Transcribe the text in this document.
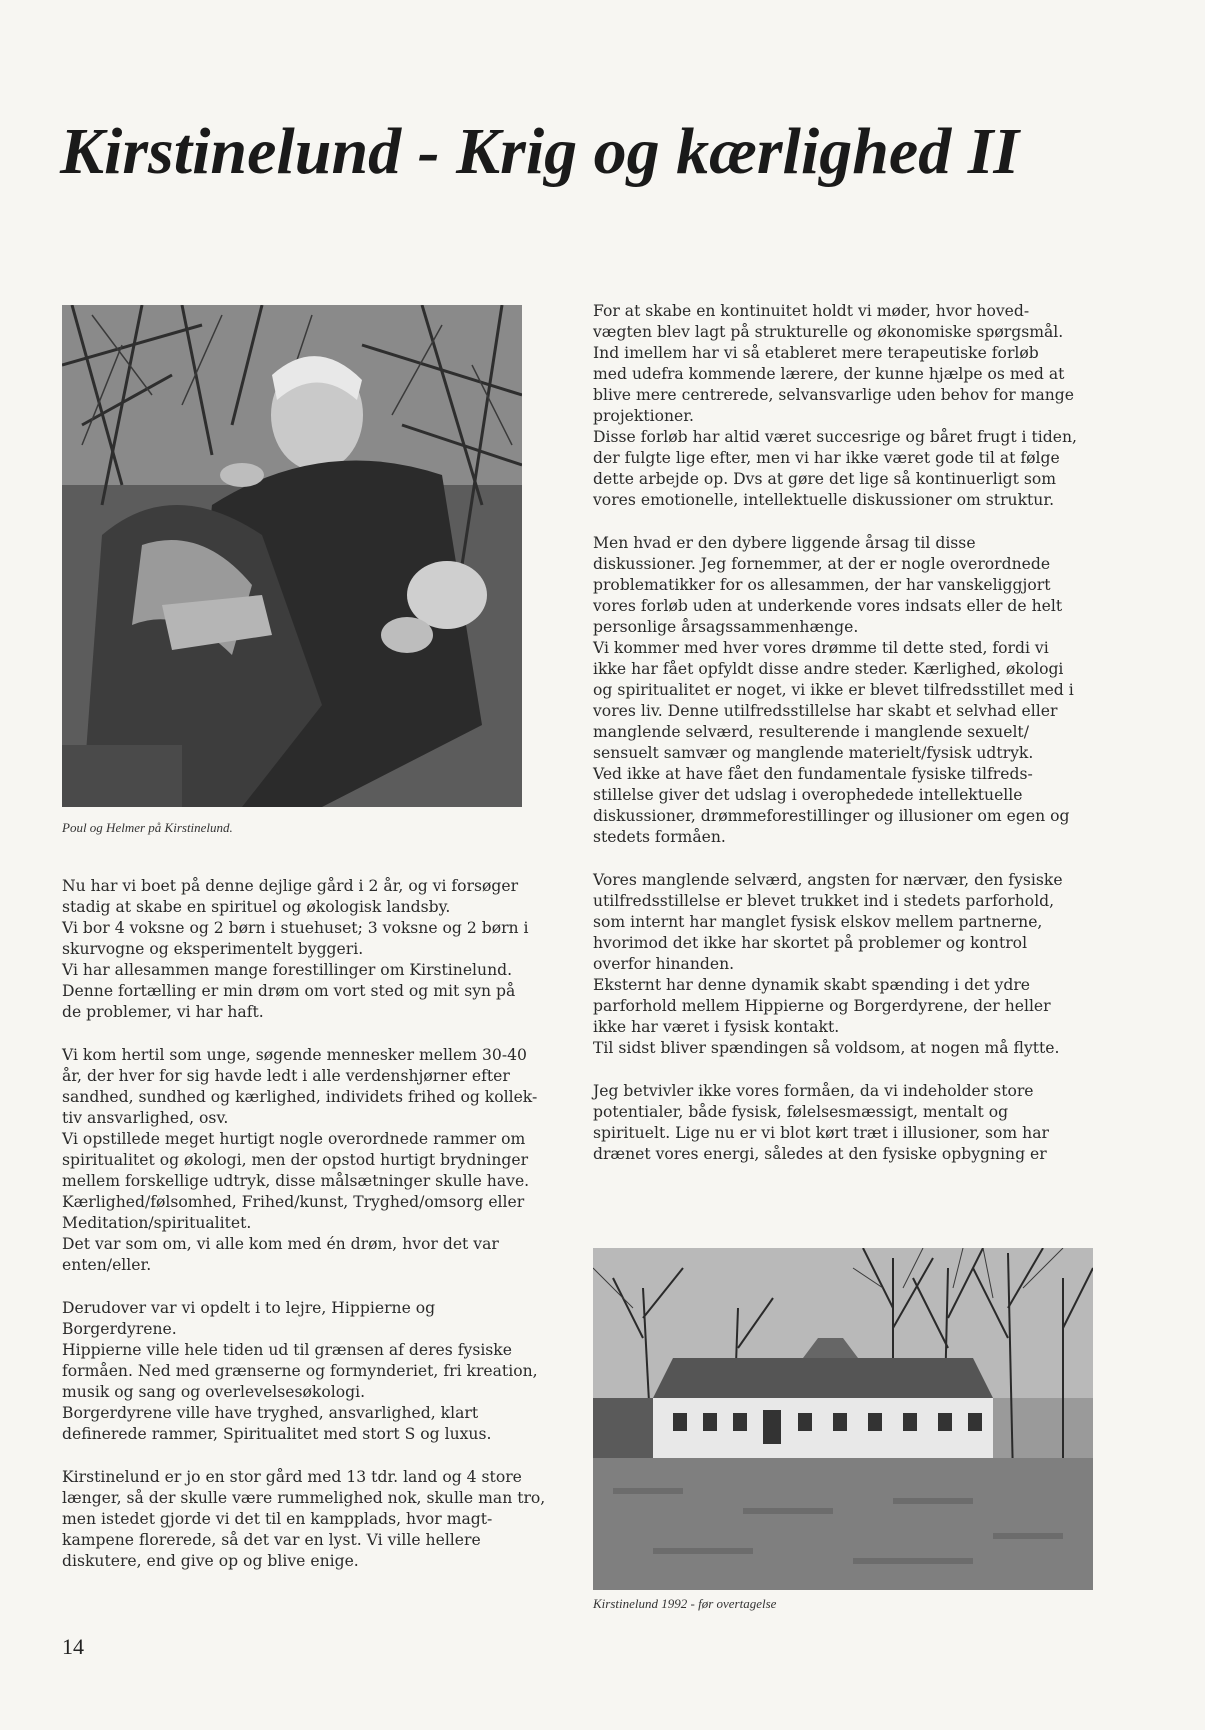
Kirstinelund - Krig og kærlighed II
Poul og Helmer på Kirstinelund.

Nu har vi boet på denne dejlige gård i 2 år, og vi forsøger
stadig at skabe en spirituel og økologisk landsby.
Vi bor 4 voksne og 2 børn i stuehuset; 3 voksne og 2 børn i
skurvogne og eksperimentelt byggeri.
Vi har allesammen mange forestillinger om Kirstinelund.
Denne fortælling er min drøm om vort sted og mit syn på
de problemer, vi har haft.

Vi kom hertil som unge, søgende mennesker mellem 30-40
år, der hver for sig havde ledt i alle verdenshjørner efter
sandhed, sundhed og kærlighed, individets frihed og kollek-
tiv ansvarlighed, osv.
Vi opstillede meget hurtigt nogle overordnede rammer om
spiritualitet og økologi, men der opstod hurtigt brydninger
mellem forskellige udtryk, disse målsætninger skulle have.
Kærlighed/følsomhed, Frihed/kunst, Tryghed/omsorg eller
Meditation/spiritualitet.
Det var som om, vi alle kom med én drøm, hvor det var
enten/eller.

Derudover var vi opdelt i to lejre, Hippierne og
Borgerdyrene.
Hippierne ville hele tiden ud til grænsen af deres fysiske
formåen. Ned med grænserne og formynderiet, fri kreation,
musik og sang og overlevelsesøkologi.
Borgerdyrene ville have tryghed, ansvarlighed, klart
definerede rammer, Spiritualitet med stort S og luxus.

Kirstinelund er jo en stor gård med 13 tdr. land og 4 store
længer, så der skulle være rummelighed nok, skulle man tro,
men istedet gjorde vi det til en kampplads, hvor magt-
kampene florerede, så det var en lyst. Vi ville hellere
diskutere, end give op og blive enige.

For at skabe en kontinuitet holdt vi møder, hvor hoved-
vægten blev lagt på strukturelle og økonomiske spørgsmål.
Ind imellem har vi så etableret mere terapeutiske forløb
med udefra kommende lærere, der kunne hjælpe os med at
blive mere centrerede, selvansvarlige uden behov for mange
projektioner.
Disse forløb har altid været succesrige og båret frugt i tiden,
der fulgte lige efter, men vi har ikke været gode til at følge
dette arbejde op. Dvs at gøre det lige så kontinuerligt som
vores emotionelle, intellektuelle diskussioner om struktur.

Men hvad er den dybere liggende årsag til disse
diskussioner. Jeg fornemmer, at der er nogle overordnede
problematikker for os allesammen, der har vanskeliggjort
vores forløb uden at underkende vores indsats eller de helt
personlige årsagssammenhænge.
Vi kommer med hver vores drømme til dette sted, fordi vi
ikke har fået opfyldt disse andre steder. Kærlighed, økologi
og spiritualitet er noget, vi ikke er blevet tilfredsstillet med i
vores liv. Denne utilfredsstillelse har skabt et selvhad eller
manglende selværd, resulterende i manglende sexuelt/
sensuelt samvær og manglende materielt/fysisk udtryk.
Ved ikke at have fået den fundamentale fysiske tilfreds-
stillelse giver det udslag i overophedede intellektuelle
diskussioner, drømmeforestillinger og illusioner om egen og
stedets formåen.

Vores manglende selværd, angsten for nærvær, den fysiske
utilfredsstillelse er blevet trukket ind i stedets parforhold,
som internt har manglet fysisk elskov mellem partnerne,
hvorimod det ikke har skortet på problemer og kontrol
overfor hinanden.
Eksternt har denne dynamik skabt spænding i det ydre
parforhold mellem Hippierne og Borgerdyrene, der heller
ikke har været i fysisk kontakt.
Til sidst bliver spændingen så voldsom, at nogen må flytte.

Jeg betvivler ikke vores formåen, da vi indeholder store
potentialer, både fysisk, følelsesmæssigt, mentalt og
spirituelt. Lige nu er vi blot kørt træt i illusioner, som har
drænet vores energi, således at den fysiske opbygning er

Kirstinelund 1992 - før overtagelse
14
